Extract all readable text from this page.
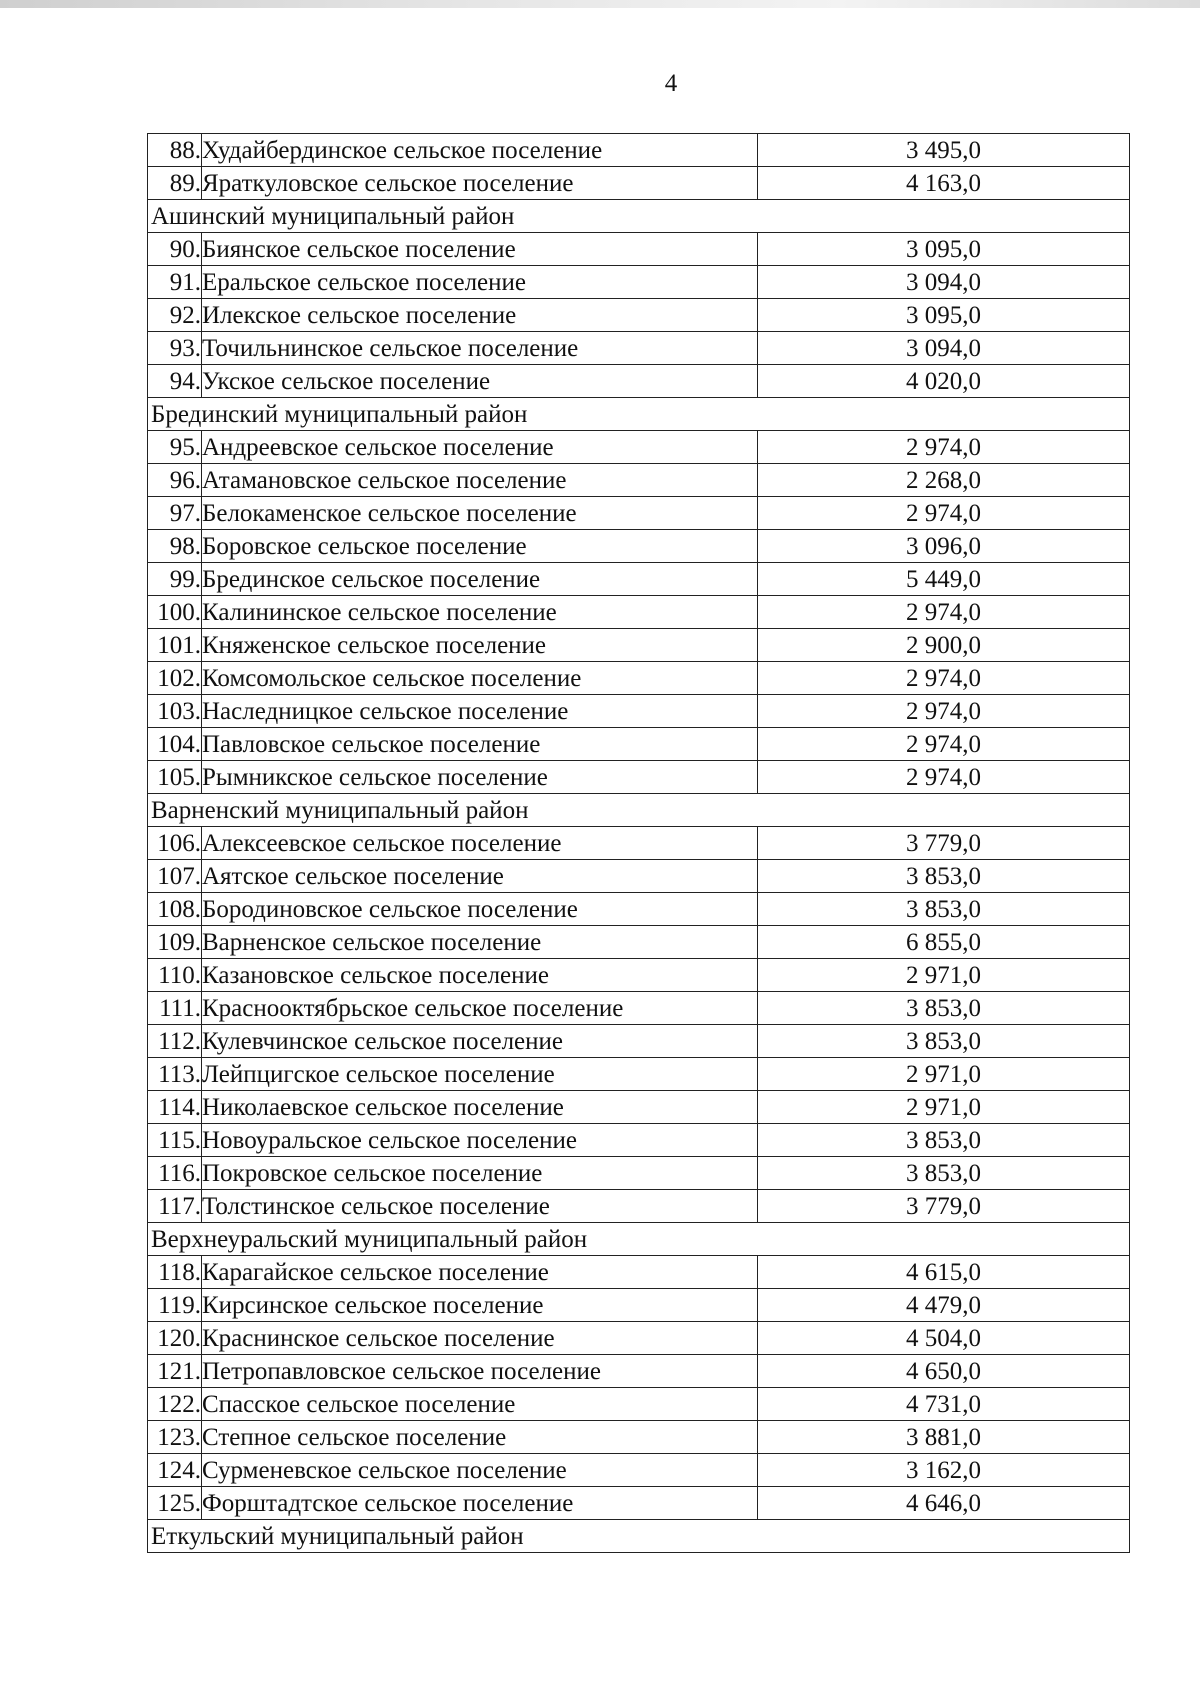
4
88.	Худайбердинское сельское поселение	3 495,0
89.	Яраткуловское сельское поселение	4 163,0
Ашинский муниципальный район		
90.	Биянское сельское поселение	3 095,0
91.	Еральское сельское поселение	3 094,0
92.	Илекское сельское поселение	3 095,0
93.	Точильнинское сельское поселение	3 094,0
94.	Укское сельское поселение	4 020,0
Брединский муниципальный район		
95.	Андреевское сельское поселение	2 974,0
96.	Атамановское сельское поселение	2 268,0
97.	Белокаменское сельское поселение	2 974,0
98.	Боровское сельское поселение	3 096,0
99.	Брединское сельское поселение	5 449,0
100.	Калининское сельское поселение	2 974,0
101.	Княженское сельское поселение	2 900,0
102.	Комсомольское сельское поселение	2 974,0
103.	Наследницкое сельское поселение	2 974,0
104.	Павловское сельское поселение	2 974,0
105.	Рымникское сельское поселение	2 974,0
Варненский муниципальный район		
106.	Алексеевское сельское поселение	3 779,0
107.	Аятское сельское поселение	3 853,0
108.	Бородиновское сельское поселение	3 853,0
109.	Варненское сельское поселение	6 855,0
110.	Казановское сельское поселение	2 971,0
111.	Краснооктябрьское сельское поселение	3 853,0
112.	Кулевчинское сельское поселение	3 853,0
113.	Лейпцигское сельское поселение	2 971,0
114.	Николаевское сельское поселение	2 971,0
115.	Новоуральское сельское поселение	3 853,0
116.	Покровское сельское поселение	3 853,0
117.	Толстинское сельское поселение	3 779,0
Верхнеуральский муниципальный район		
118.	Карагайское сельское поселение	4 615,0
119.	Кирсинское сельское поселение	4 479,0
120.	Краснинское сельское поселение	4 504,0
121.	Петропавловское сельское поселение	4 650,0
122.	Спасское сельское поселение	4 731,0
123.	Степное сельское поселение	3 881,0
124.	Сурменевское сельское поселение	3 162,0
125.	Форштадтское сельское поселение	4 646,0
Еткульский муниципальный район		
